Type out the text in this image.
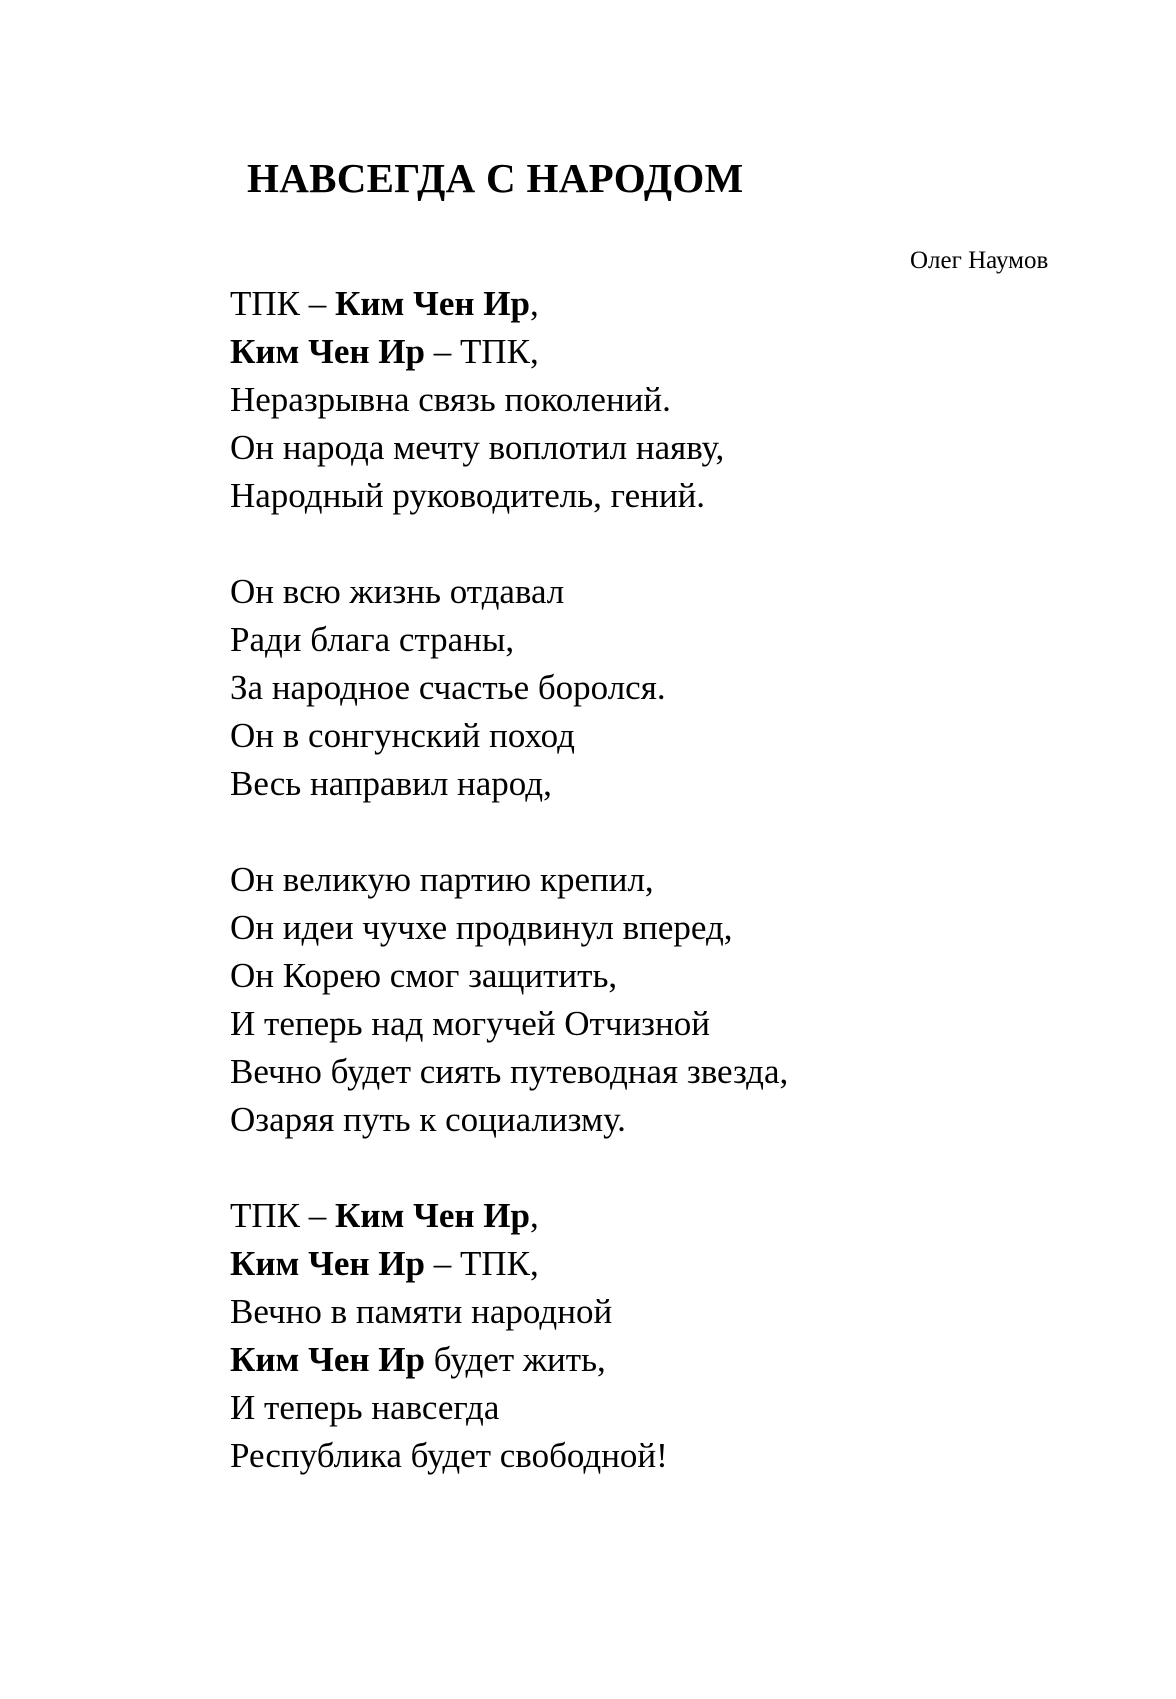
НАВСЕГДА С НАРОДОМ
Олег Наумов
ТПК – Ким Чен Ир,
Ким Чен Ир – ТПК,
Неразрывна связь поколений.
Он народа мечту воплотил наяву,
Народный руководитель, гений.
Он всю жизнь отдавал
Ради блага страны,
За народное счастье боролся.
Он в сонгунский поход
Весь направил народ,
Он великую партию крепил,
Он идеи чучхе продвинул вперед,
Он Корею смог защитить,
И теперь над могучей Отчизной
Вечно будет сиять путеводная звезда,
Озаряя путь к социализму.
ТПК – Ким Чен Ир,
Ким Чен Ир – ТПК,
Вечно в памяти народной
Ким Чен Ир будет жить,
И теперь навсегда
Республика будет свободной!
